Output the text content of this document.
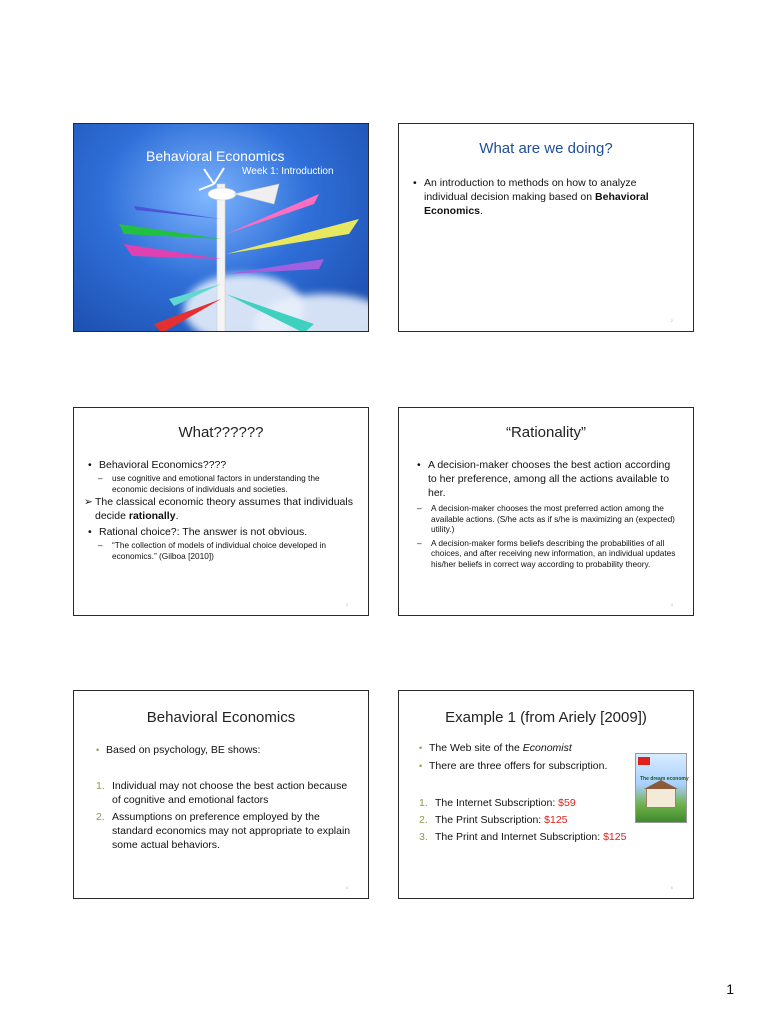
Behavioral Economics
Week 1: Introduction
What are we doing?
• An introduction to methods on how to analyze individual decision making based on Behavioral Economics.
2
What??????
• Behavioral Economics????
–	use cognitive and emotional factors in understanding the economic decisions of individuals and societies.
➢ The classical economic theory assumes that individuals decide rationally.
• Rational choice?: The answer is not obvious.
–	“The collection of models of individual choice developed in economics.” (Gilboa [2010])
3
“Rationality”
• A decision-maker chooses the best action according to her preference, among all the actions available to her.
–	A decision-maker chooses the most preferred action among the available actions. (S/he acts as if s/he is maximizing an (expected) utility.)
–	A decision-maker forms beliefs describing the probabilities of all choices, and after receiving new information, an individual updates his/her beliefs in correct way according to probability theory.
4
Behavioral Economics
• Based on psychology, BE shows:
1. Individual may not choose the best action because of cognitive and emotional factors
2. Assumptions on preference employed by the standard economics may not appropriate to explain some actual behaviors.
5
Example 1 (from Ariely [2009])
• The Web site of the Economist
• There are three offers for subscription.
The dream economy
1. The Internet Subscription: $59
2. The Print Subscription: $125
3. The Print and Internet Subscription: $125
6
1
